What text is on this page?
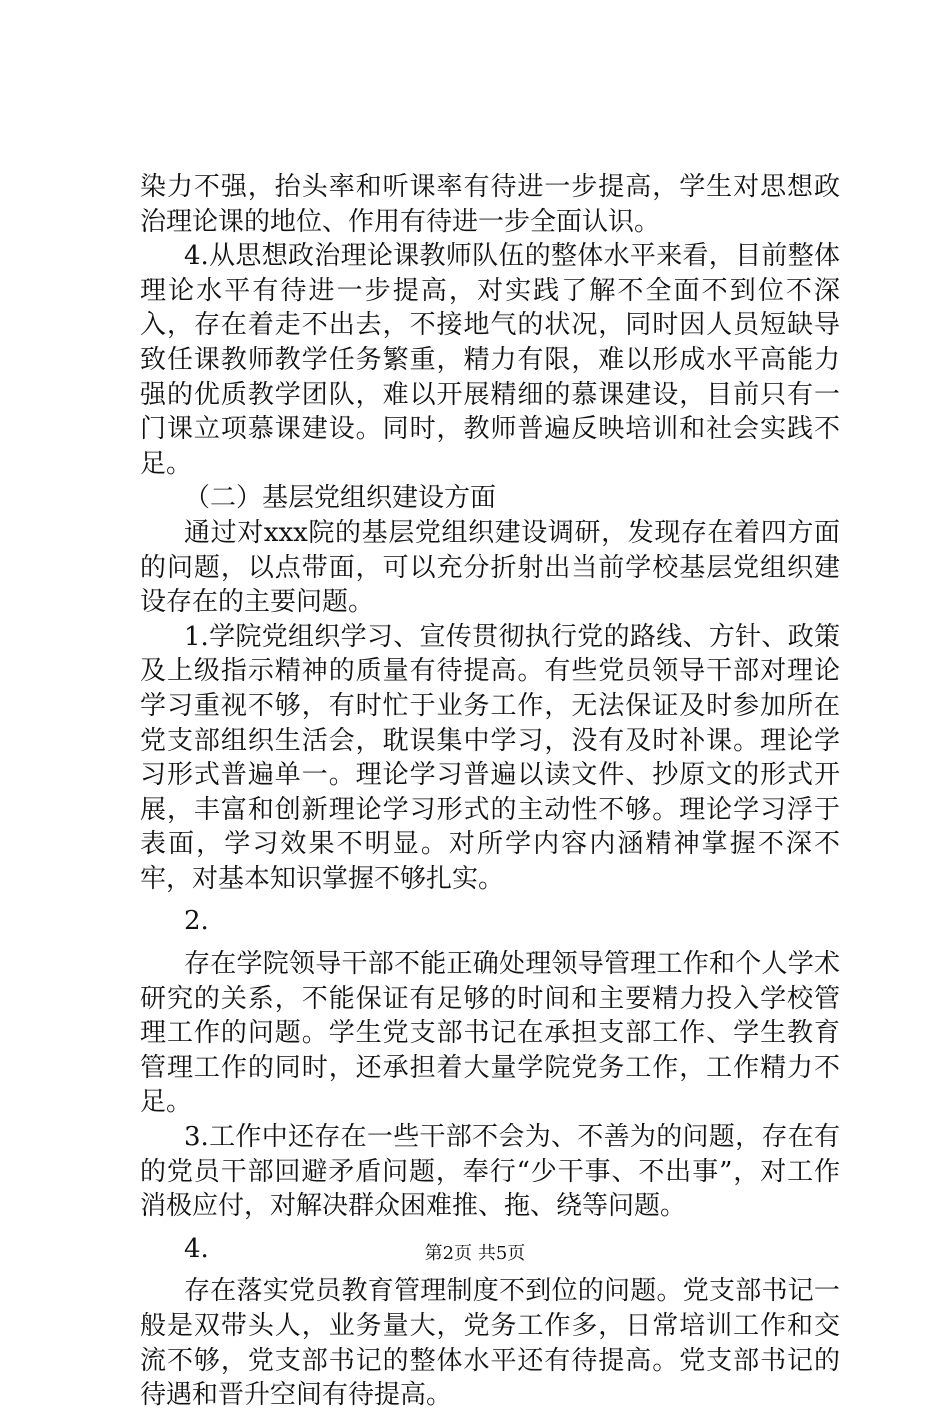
染力不强，抬头率和听课率有待进一步提高，学生对思想政治理论课的地位、作用有待进一步全面认识。

4.从思想政治理论课教师队伍的整体水平来看，目前整体理论水平有待进一步提高，对实践了解不全面不到位不深入，存在着走不出去，不接地气的状况，同时因人员短缺导致任课教师教学任务繁重，精力有限，难以形成水平高能力强的优质教学团队，难以开展精细的慕课建设，目前只有一门课立项慕课建设。同时，教师普遍反映培训和社会实践不足。

（二）基层党组织建设方面

通过对xxx院的基层党组织建设调研，发现存在着四方面的问题，以点带面，可以充分折射出当前学校基层党组织建设存在的主要问题。

1.学院党组织学习、宣传贯彻执行党的路线、方针、政策及上级指示精神的质量有待提高。有些党员领导干部对理论学习重视不够，有时忙于业务工作，无法保证及时参加所在党支部组织生活会，耽误集中学习，没有及时补课。理论学习形式普遍单一。理论学习普遍以读文件、抄原文的形式开展，丰富和创新理论学习形式的主动性不够。理论学习浮于表面，学习效果不明显。对所学内容内涵精神掌握不深不牢，对基本知识掌握不够扎实。

2.

存在学院领导干部不能正确处理领导管理工作和个人学术研究的关系，不能保证有足够的时间和主要精力投入学校管理工作的问题。学生党支部书记在承担支部工作、学生教育管理工作的同时，还承担着大量学院党务工作，工作精力不足。

3.工作中还存在一些干部不会为、不善为的问题，存在有的党员干部回避矛盾问题，奉行“少干事、不出事”，对工作消极应付，对解决群众困难推、拖、绕等问题。

4.

存在落实党员教育管理制度不到位的问题。党支部书记一般是双带头人，业务量大，党务工作多，日常培训工作和交流不够，党支部书记的整体水平还有待提高。党支部书记的待遇和晋升空间有待提高。

第2页 共5页
